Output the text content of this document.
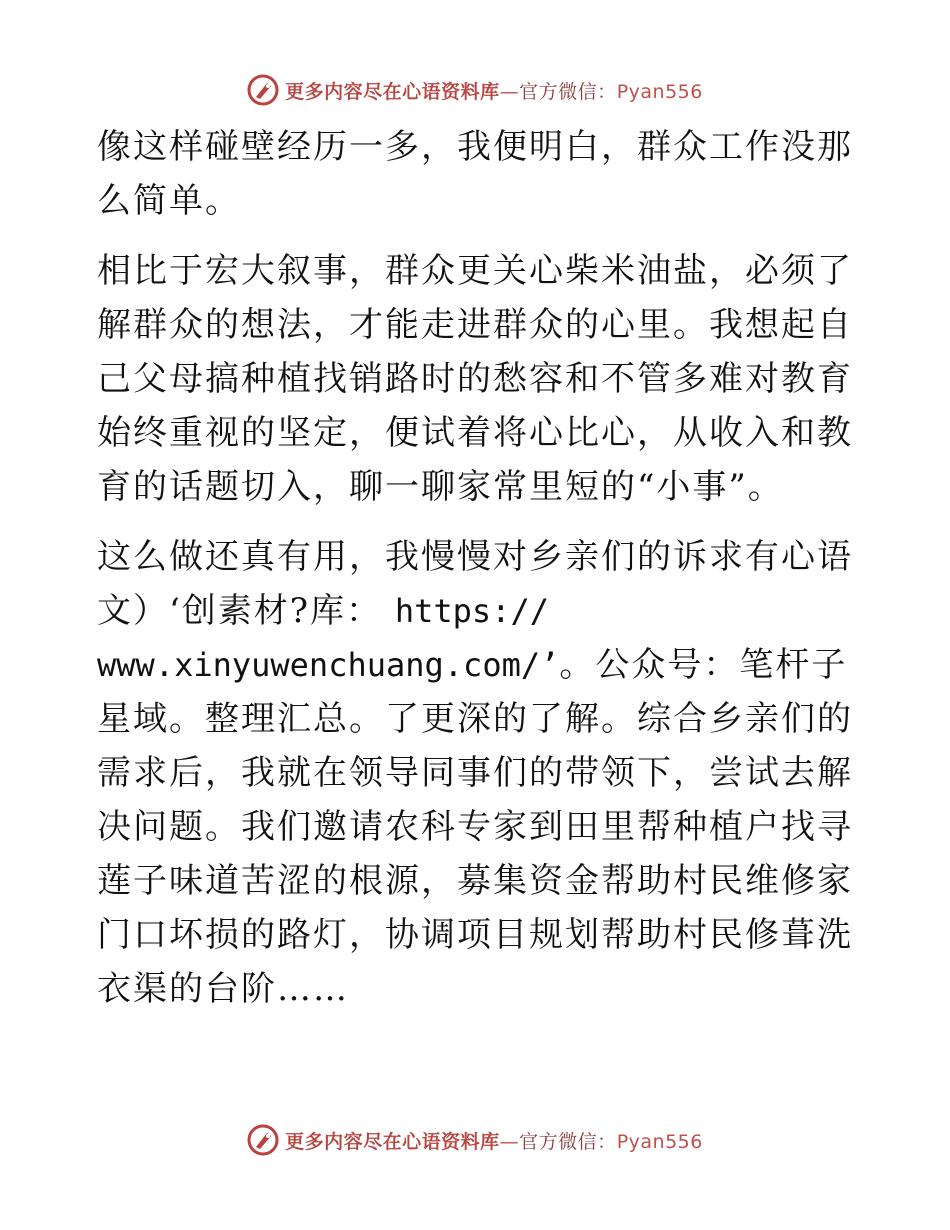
更多内容尽在心语资料库—官方微信：Pyan556

像这样碰壁经历一多，我便明白，群众工作没那么简单。

相比于宏大叙事，群众更关心柴米油盐，必须了解群众的想法，才能走进群众的心里。我想起自己父母搞种植找销路时的愁容和不管多难对教育始终重视的坚定，便试着将心比心，从收入和教育的话题切入，聊一聊家常里短的“小事”。

这么做还真有用，我慢慢对乡亲们的诉求有心语
文）‘创素材?库： https://
www.xinyuwenchuang.com/’。公众号：笔杆子星域。整理汇总。了更深的了解。综合乡亲们的需求后，我就在领导同事们的带领下，尝试去解决问题。我们邀请农科专家到田里帮种植户找寻莲子味道苦涩的根源，募集资金帮助村民维修家门口坏损的路灯，协调项目规划帮助村民修葺洗衣渠的台阶……

更多内容尽在心语资料库—官方微信：Pyan556
